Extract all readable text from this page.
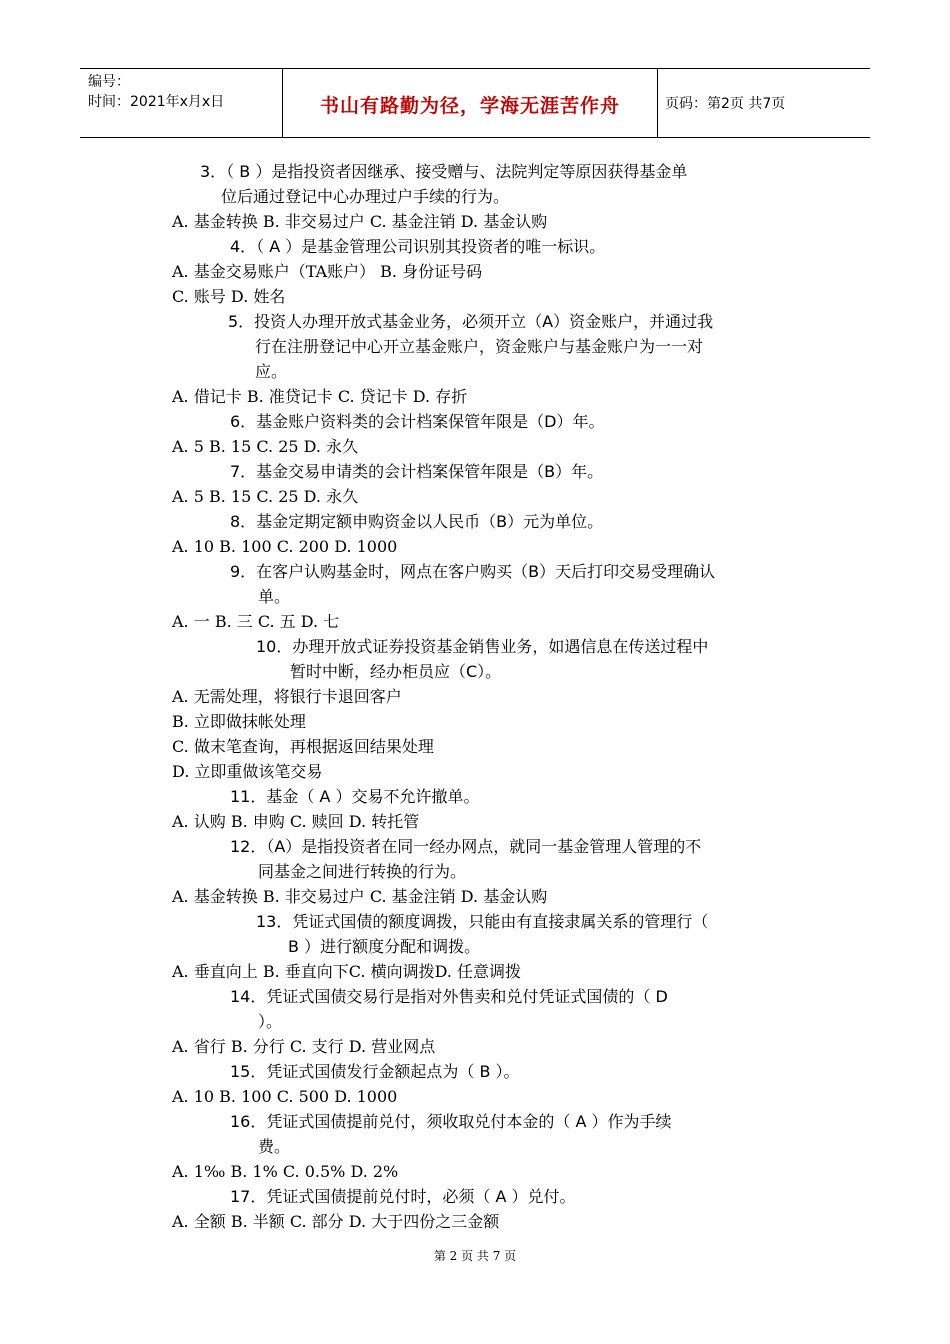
编号：
时间：2021年x月x日	书山有路勤为径，学海无涯苦作舟	页码：第2页 共7页
3．（ B ）是指投资者因继承、接受赠与、法院判定等原因获得基金单
位后通过登记中心办理过户手续的行为。
A. 基金转换 B. 非交易过户 C. 基金注销 D. 基金认购
4．（ A ）是基金管理公司识别其投资者的唯一标识。
A. 基金交易账户（TA账户） B. 身份证号码
C. 账号 D. 姓名
5．投资人办理开放式基金业务，必须开立（A）资金账户，并通过我
行在注册登记中心开立基金账户，资金账户与基金账户为一一对
应。
A. 借记卡 B. 准贷记卡 C. 贷记卡 D. 存折
6．基金账户资料类的会计档案保管年限是（D）年。
A. 5 B. 15 C. 25 D. 永久
7．基金交易申请类的会计档案保管年限是（B）年。
A. 5 B. 15 C. 25 D. 永久
8．基金定期定额申购资金以人民币（B）元为单位。
A. 10 B. 100 C. 200 D. 1000
9．在客户认购基金时，网点在客户购买（B）天后打印交易受理确认
单。
A. 一 B. 三 C. 五 D. 七
10．办理开放式证券投资基金销售业务，如遇信息在传送过程中
暂时中断，经办柜员应（C）。
A. 无需处理，将银行卡退回客户
B. 立即做抹帐处理
C. 做末笔查询，再根据返回结果处理
D. 立即重做该笔交易
11．基金（ A ）交易不允许撤单。
A. 认购 B. 申购 C. 赎回 D. 转托管
12．（A）是指投资者在同一经办网点，就同一基金管理人管理的不
同基金之间进行转换的行为。
A. 基金转换 B. 非交易过户 C. 基金注销 D. 基金认购
13．凭证式国债的额度调拨，只能由有直接隶属关系的管理行（
B ）进行额度分配和调拨。
A. 垂直向上 B. 垂直向下C. 横向调拨D. 任意调拨
14．凭证式国债交易行是指对外售卖和兑付凭证式国债的（ D
）。
A. 省行 B. 分行 C. 支行 D. 营业网点
15．凭证式国债发行金额起点为（ B ）。
A. 10 B. 100 C. 500 D. 1000
16．凭证式国债提前兑付，须收取兑付本金的（ A ）作为手续
费。
A. 1‰ B. 1% C. 0.5% D. 2%
17．凭证式国债提前兑付时，必须（ A ）兑付。
A. 全额 B. 半额 C. 部分 D. 大于四份之三金额
第 2 页 共 7 页
